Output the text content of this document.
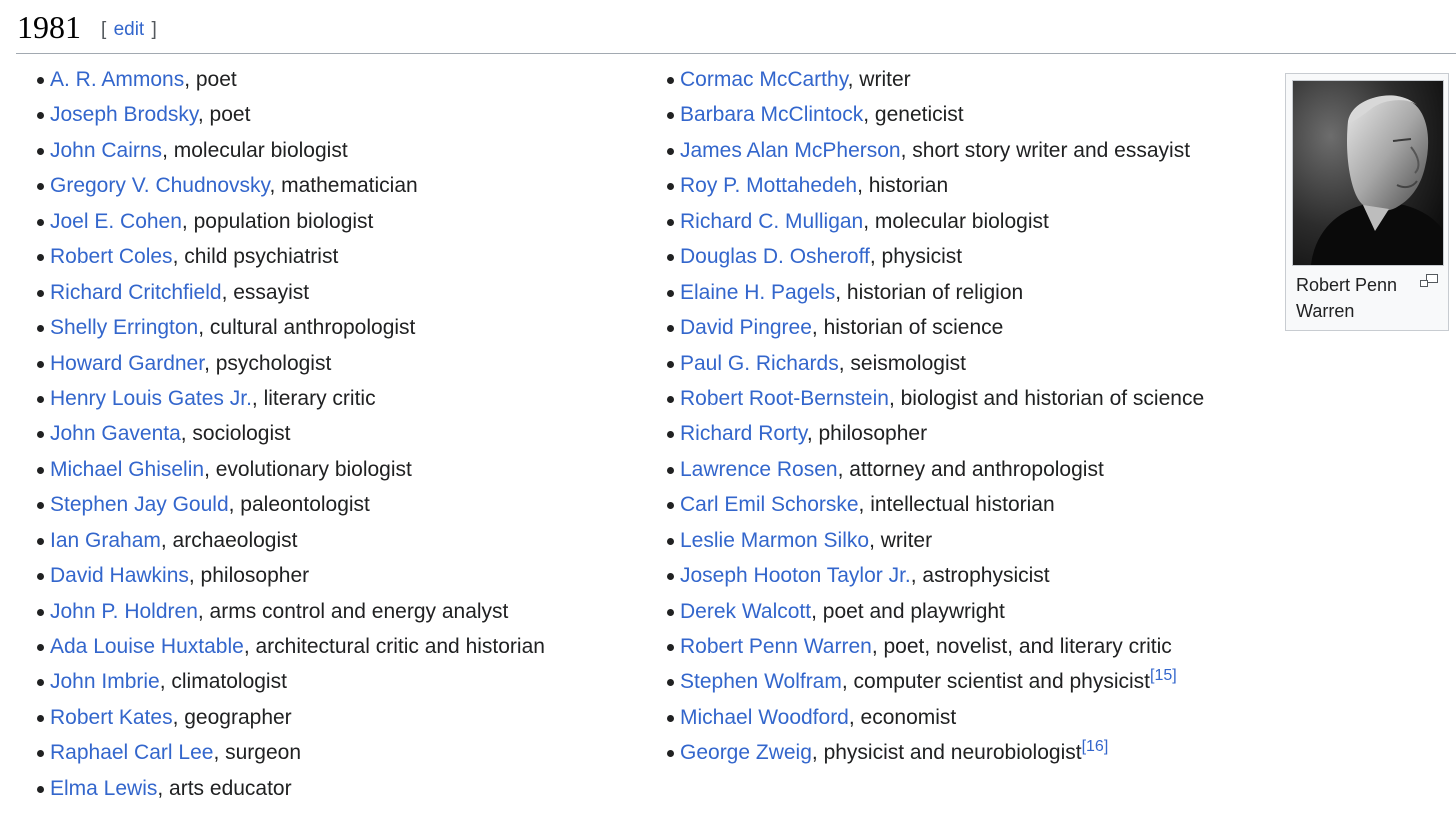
1981 [ edit ]
A. R. Ammons, poet
Joseph Brodsky, poet
John Cairns, molecular biologist
Gregory V. Chudnovsky, mathematician
Joel E. Cohen, population biologist
Robert Coles, child psychiatrist
Richard Critchfield, essayist
Shelly Errington, cultural anthropologist
Howard Gardner, psychologist
Henry Louis Gates Jr., literary critic
John Gaventa, sociologist
Michael Ghiselin, evolutionary biologist
Stephen Jay Gould, paleontologist
Ian Graham, archaeologist
David Hawkins, philosopher
John P. Holdren, arms control and energy analyst
Ada Louise Huxtable, architectural critic and historian
John Imbrie, climatologist
Robert Kates, geographer
Raphael Carl Lee, surgeon
Elma Lewis, arts educator
Cormac McCarthy, writer
Barbara McClintock, geneticist
James Alan McPherson, short story writer and essayist
Roy P. Mottahedeh, historian
Richard C. Mulligan, molecular biologist
Douglas D. Osheroff, physicist
Elaine H. Pagels, historian of religion
David Pingree, historian of science
Paul G. Richards, seismologist
Robert Root-Bernstein, biologist and historian of science
Richard Rorty, philosopher
Lawrence Rosen, attorney and anthropologist
Carl Emil Schorske, intellectual historian
Leslie Marmon Silko, writer
Joseph Hooton Taylor Jr., astrophysicist
Derek Walcott, poet and playwright
Robert Penn Warren, poet, novelist, and literary critic
Stephen Wolfram, computer scientist and physicist[15]
Michael Woodford, economist
George Zweig, physicist and neurobiologist[16]
Robert Penn Warren
